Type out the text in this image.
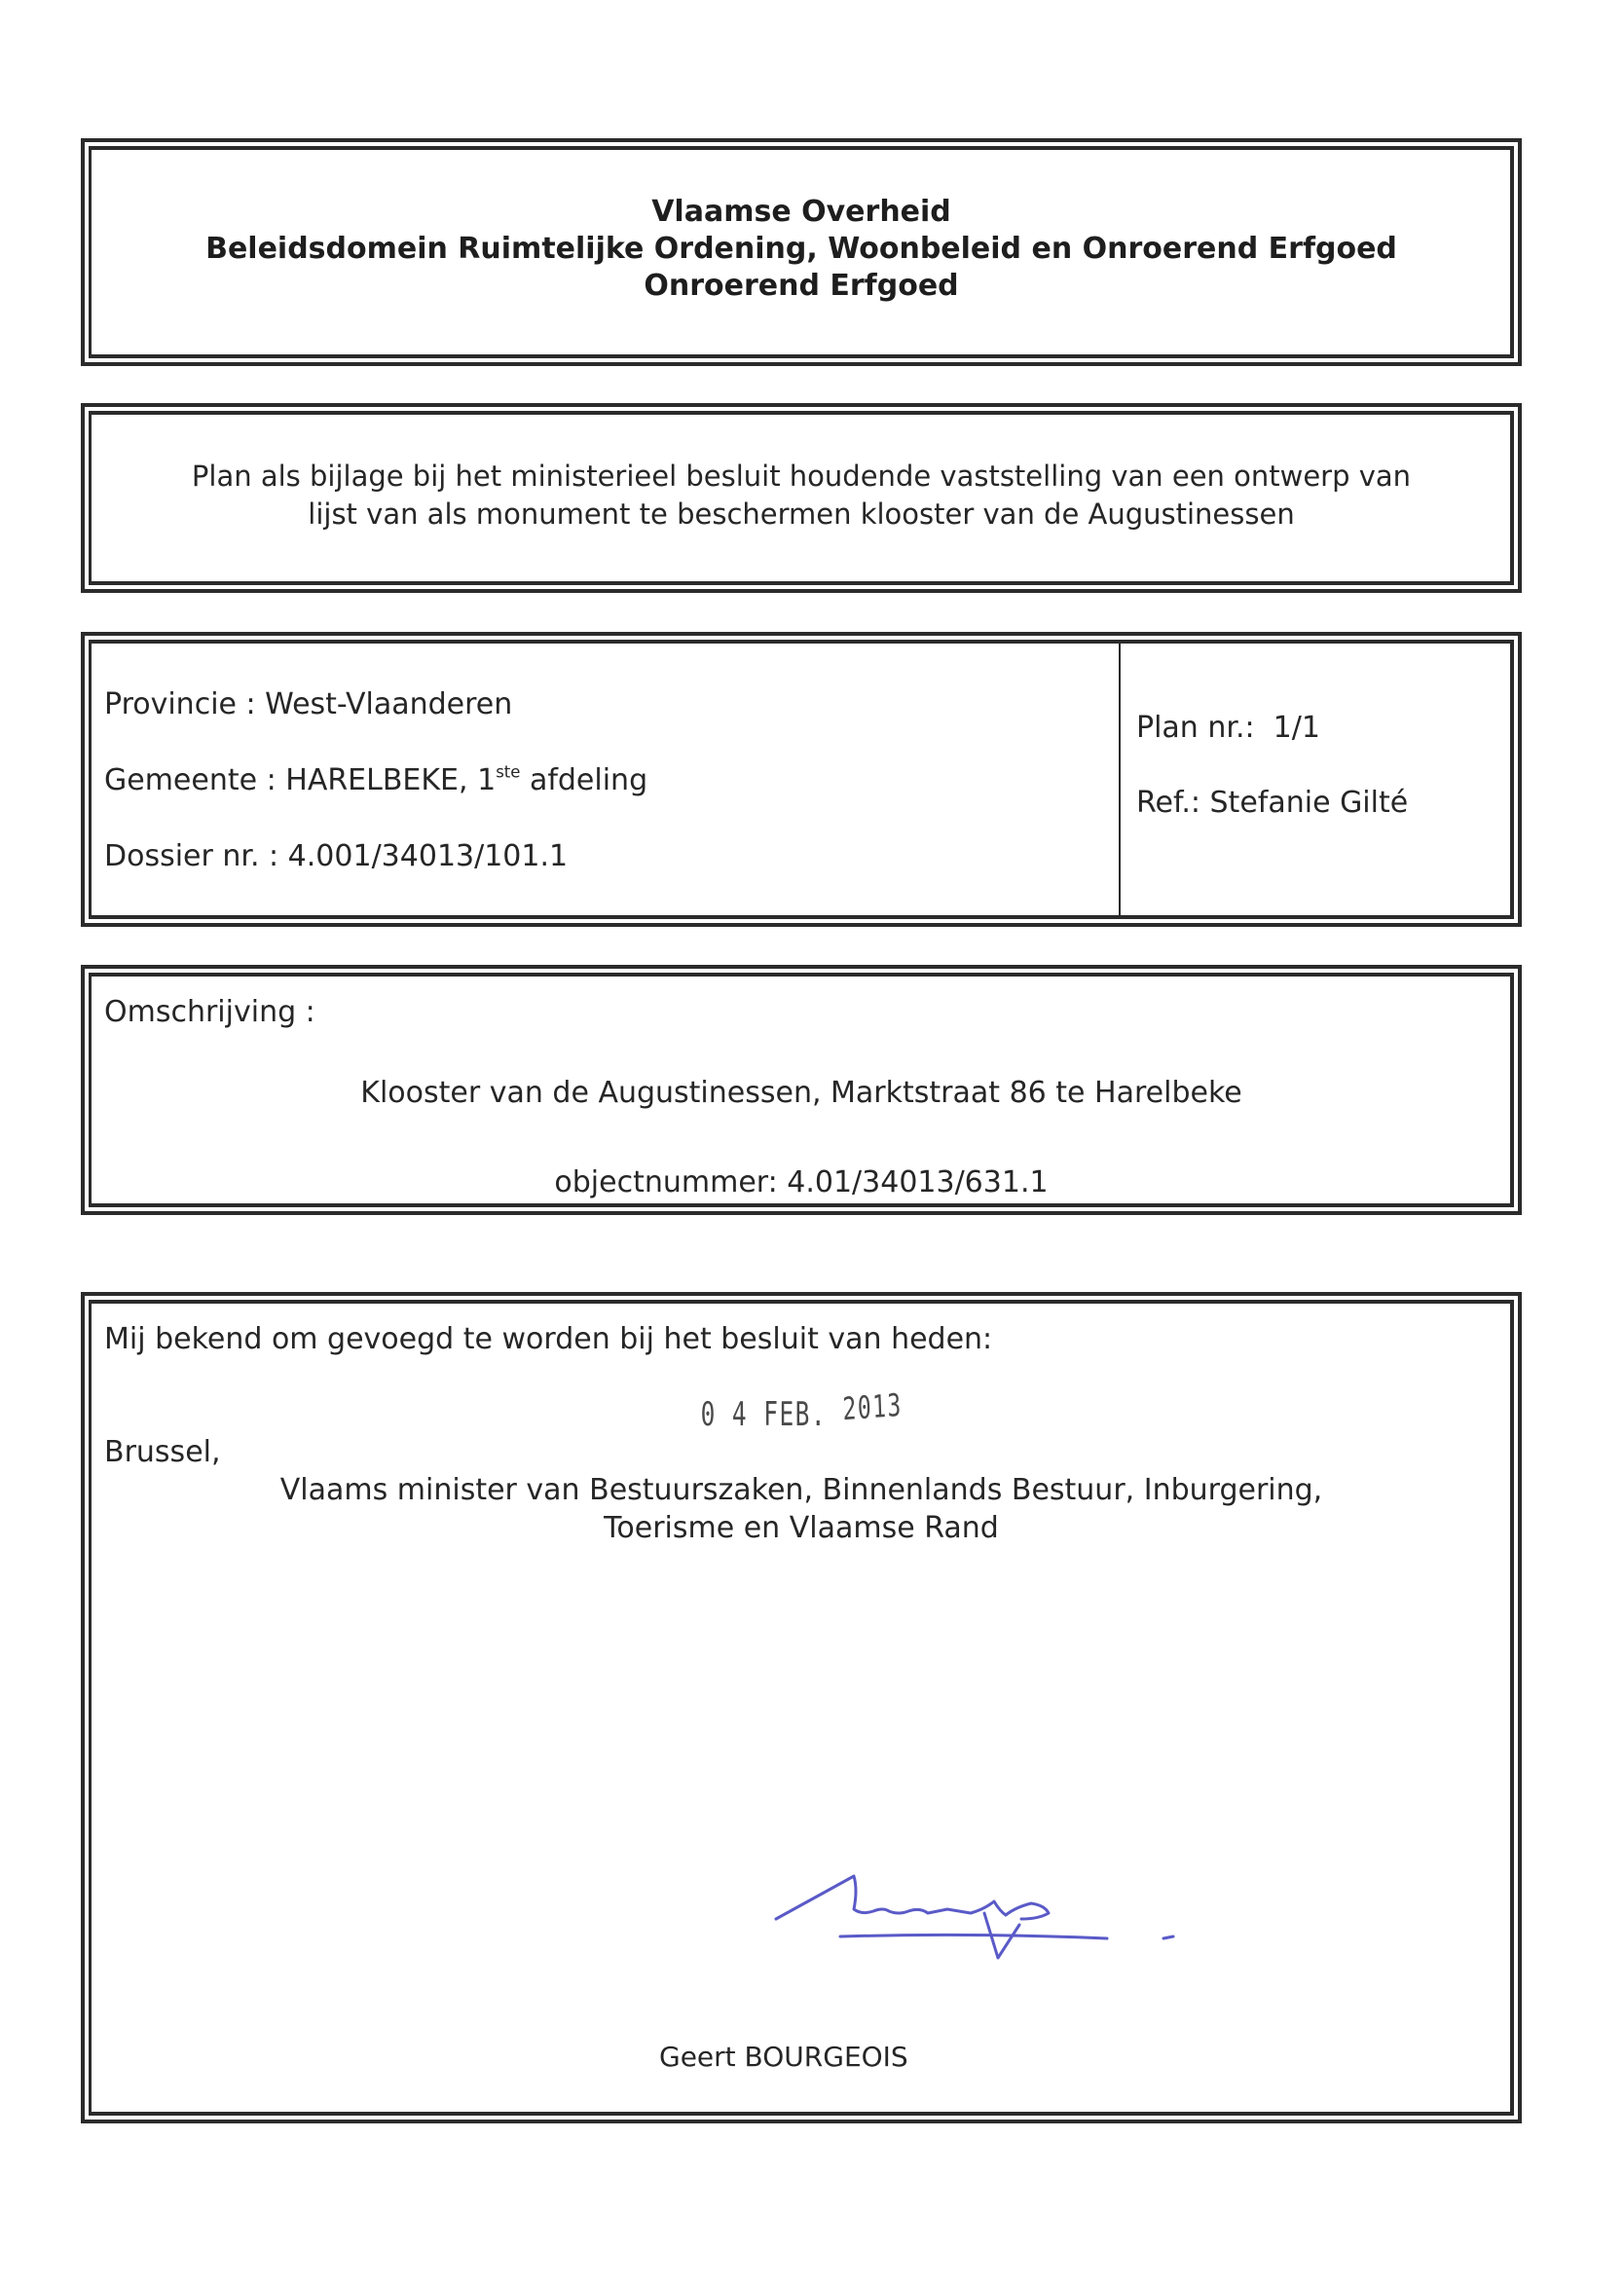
Vlaamse Overheid
Beleidsdomein Ruimtelijke Ordening, Woonbeleid en Onroerend Erfgoed
Onroerend Erfgoed
Plan als bijlage bij het ministerieel besluit houdende vaststelling van een ontwerp van
lijst van als monument te beschermen klooster van de Augustinessen
Provincie : West-Vlaanderen
Gemeente : HARELBEKE, 1ste afdeling
Dossier nr. : 4.001/34013/101.1
Plan nr.:  1/1
Ref.: Stefanie Gilté
Omschrijving :
Klooster van de Augustinessen, Marktstraat 86 te Harelbeke
objectnummer: 4.01/34013/631.1
Mij bekend om gevoegd te worden bij het besluit van heden:
0 4 FEB. 2013
Brussel,
Vlaams minister van Bestuurszaken, Binnenlands Bestuur, Inburgering,
Toerisme en Vlaamse Rand
Geert BOURGEOIS
